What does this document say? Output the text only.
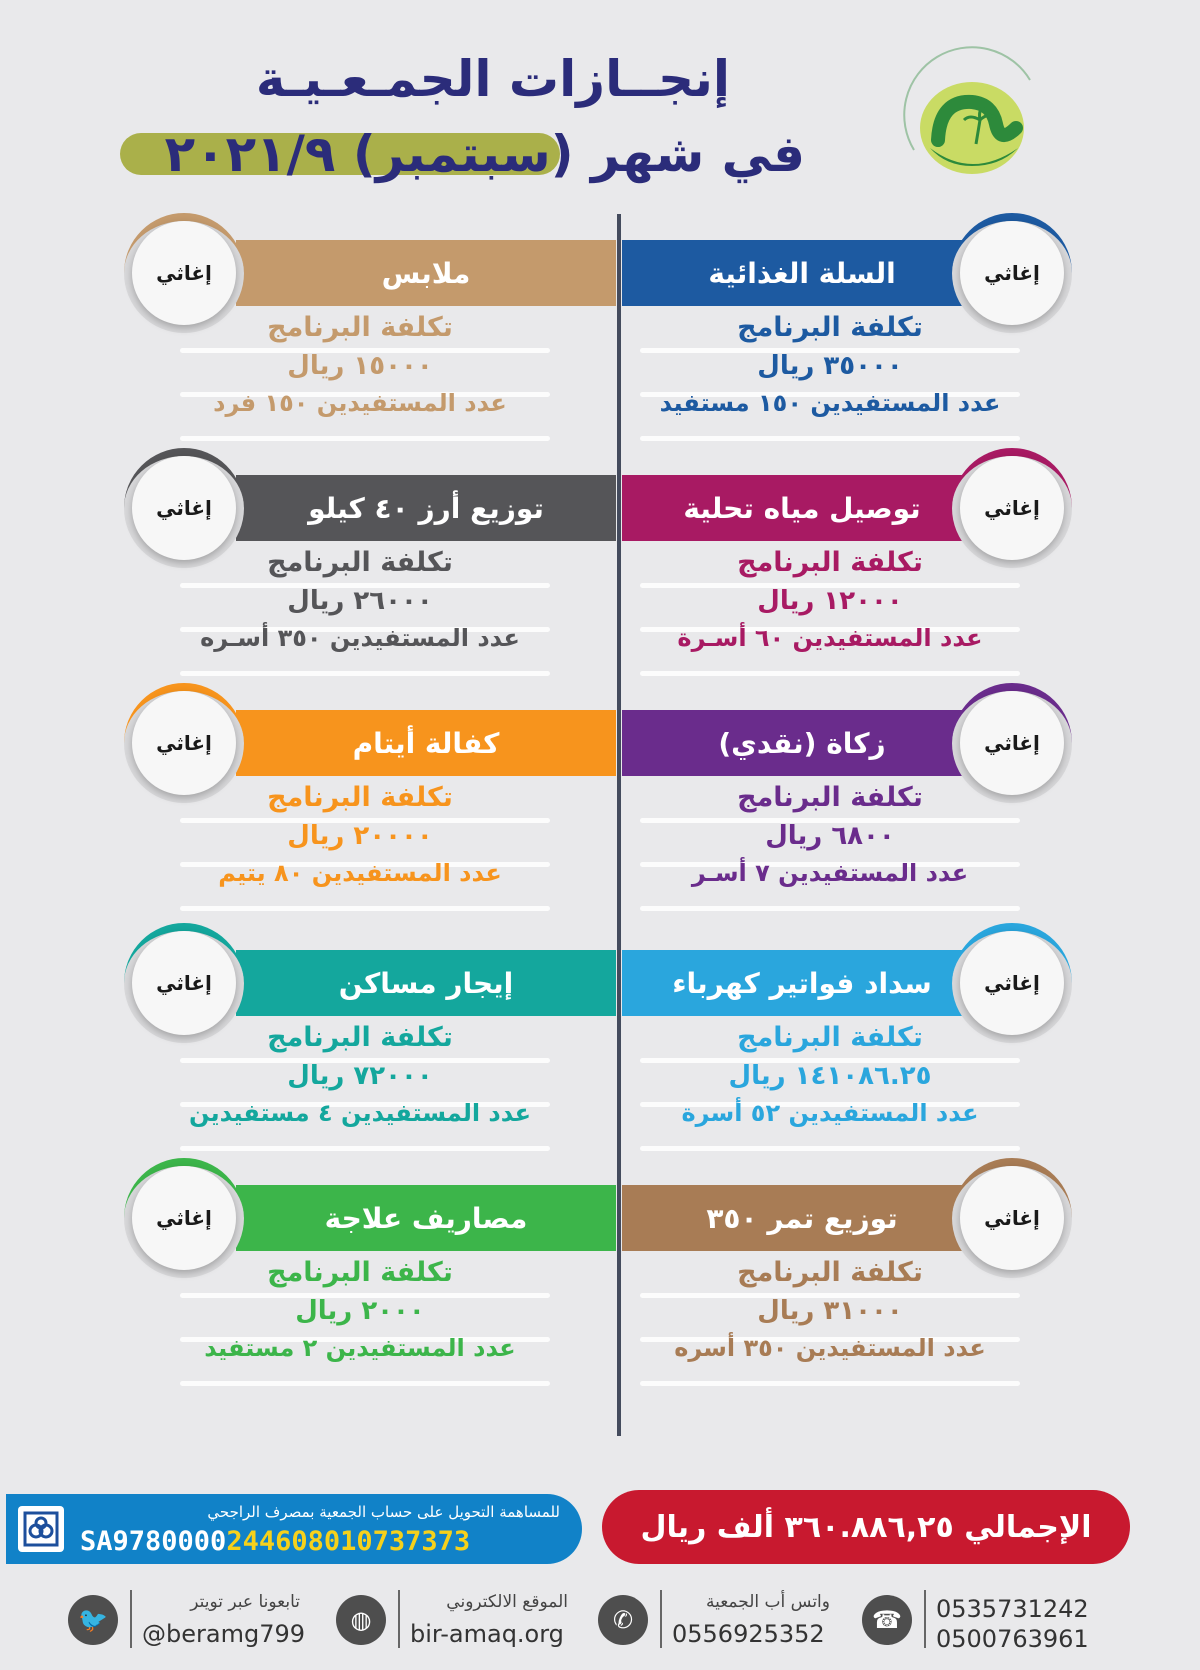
إنجــازات الجمـعـيـة
في شهر (سبتمبر) ٢٠٢١/٩
السلة الغذائية	إغاثي
تكلفة البرنامج
٣٥٠٠٠ ريال
عدد المستفيدين ١٥٠ مستفيد
ملابس
إغاثي
تكلفة البرنامج
١٥٠٠٠ ريال
عدد المستفيدين ١٥٠ فرد
توصيل مياه تحلية	إغاثي
تكلفة البرنامج
١٢٠٠٠ ريال
عدد المستفيدين ٦٠ أسـرة
توزيع أرز ٤٠ كيلو
إغاثي
تكلفة البرنامج
٢٦٠٠٠ ريال
عدد المستفيدين ٣٥٠ أسـره
زكاة (نقدي)	إغاثي
تكلفة البرنامج
٦٨٠٠ ريال
عدد المستفيدين ٧ أسـر
كفالة أيتام
إغاثي
تكلفة البرنامج
٢٠٠٠٠ ريال
عدد المستفيدين ٨٠ يتيم
سداد فواتير كهرباء	إغاثي
تكلفة البرنامج
١٤١٠٨٦.٢٥ ريال
عدد المستفيدين ٥٢ أسرة
إيجار مساكن
إغاثي
تكلفة البرنامج
٧٢٠٠٠ ريال
عدد المستفيدين ٤ مستفيدين
توزيع تمر ٣٥٠	إغاثي
تكلفة البرنامج
٣١٠٠٠ ريال
عدد المستفيدين ٣٥٠ أسره
مصاريف علاجة
إغاثي
تكلفة البرنامج
٢٠٠٠ ريال
عدد المستفيدين ٢ مستفيد
الإجمالي ٣٦٠.٨٨٦,٢٥ ألف ريال
للمساهمة التحويل على حساب الجمعية بمصرف الراجحي
SA9780000244608010737373
🐦
تابعونا عبر تويتر
@beramg799	◍
الموقع الالكتروني
bir-amaq.org	✆
واتس أب الجمعية
0556925352	☎	0535731242
0500763961
